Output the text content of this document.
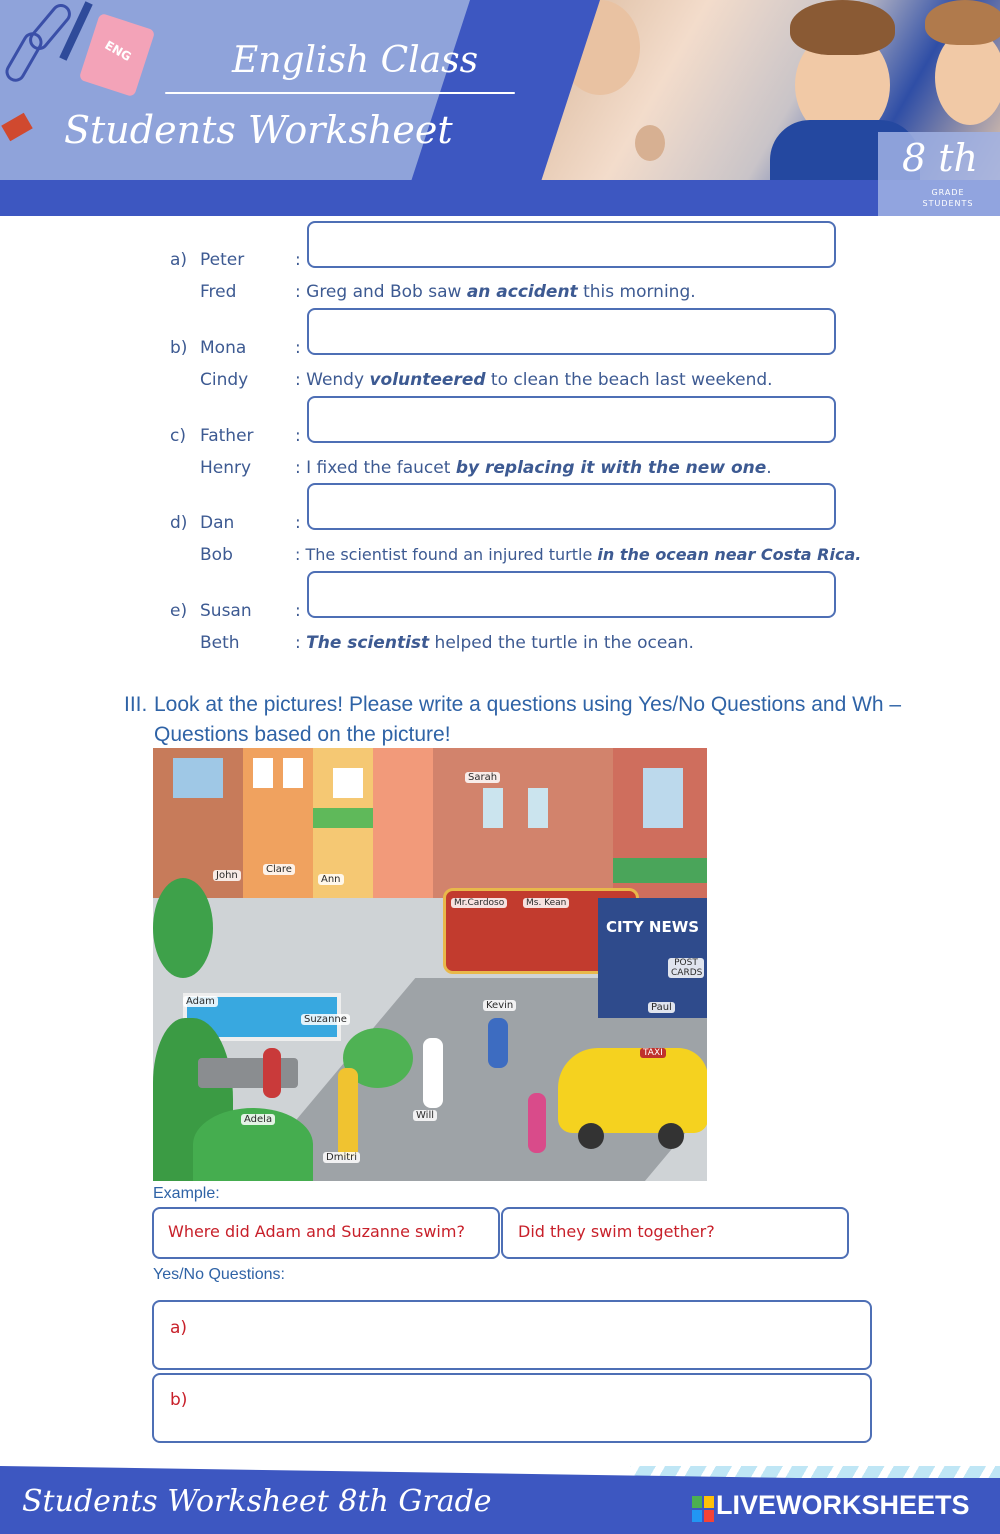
8 th
GRADE
STUDENTS
ENG	English Class
Students Worksheet
a) Peter	:
Fred	: Greg and Bob saw an accident this morning.
b) Mona	:
Cindy	: Wendy volunteered to clean the beach last weekend.
c) Father :
Henry	: I fixed the faucet by replacing it with the new one.
d) Dan	:
Bob	: The scientist found an injured turtle in the ocean near Costa Rica.
e) Susan	:
Beth	: The scientist helped the turtle in the ocean.
III. Look at the pictures! Please write a questions using Yes/No Questions and Wh – Questions based on the picture!
Sarah
John
Clare
Ann
Mr.Cardoso	Ms. Kean
CITY NEWS
POST CARDS
TAXI
Adam
Suzanne
Kevin	Paul
Adela	Will
Dmitri
Example:
Where did Adam and Suzanne swim?	Did they swim together?
Yes/No Questions:
a)
b)
Students Worksheet 8th Grade	LIVEWORKSHEETS
